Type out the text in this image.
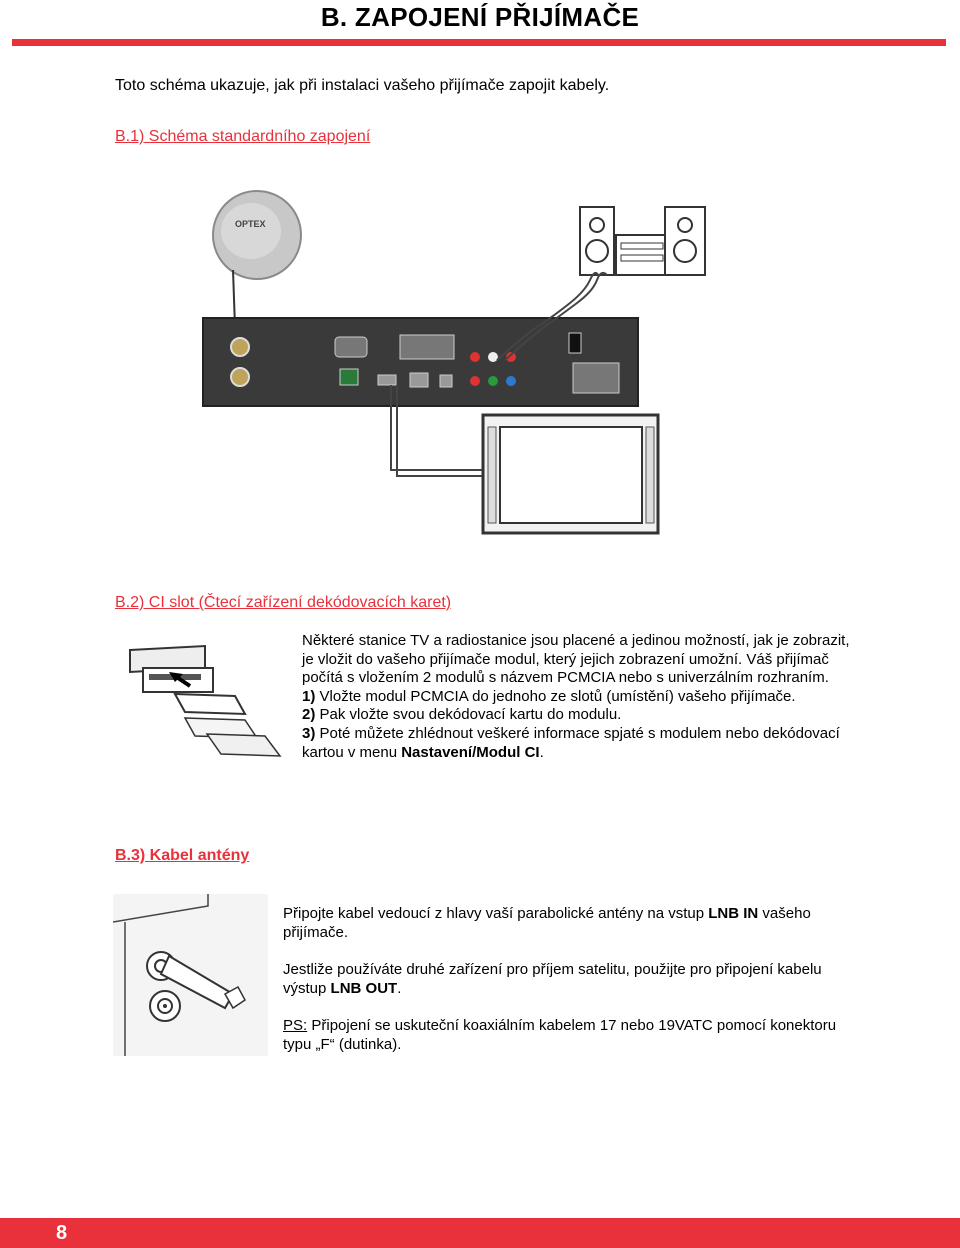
B. ZAPOJENÍ PŘIJÍMAČE
Toto schéma ukazuje, jak při instalaci vašeho přijímače zapojit kabely.
B.1) Schéma standardního zapojení
OPTEX
B.2) CI slot (Čtecí zařízení dekódovacích karet)
Některé stanice TV a radiostanice jsou placené a jedinou možností, jak je zobrazit, je vložit do vašeho přijímače modul, který jejich zobrazení umožní. Váš přijímač počítá s vložením 2 modulů s názvem PCMCIA nebo s univerzálním rozhraním.
1) Vložte modul PCMCIA do jednoho ze slotů (umístění) vašeho přijímače.
2) Pak vložte svou dekódovací kartu do modulu.
3) Poté můžete zhlédnout veškeré informace spjaté s modulem nebo dekódovací kartou v menu Nastavení/Modul CI.
B.3) Kabel antény
Připojte kabel vedoucí z hlavy vaší parabolické antény na vstup LNB IN vašeho přijímače.
Jestliže používáte druhé zařízení pro příjem satelitu, použijte pro připojení kabelu výstup LNB OUT.
PS: Připojení se uskuteční koaxiálním kabelem 17 nebo 19VATC pomocí konektoru typu „F“ (dutinka).
8
